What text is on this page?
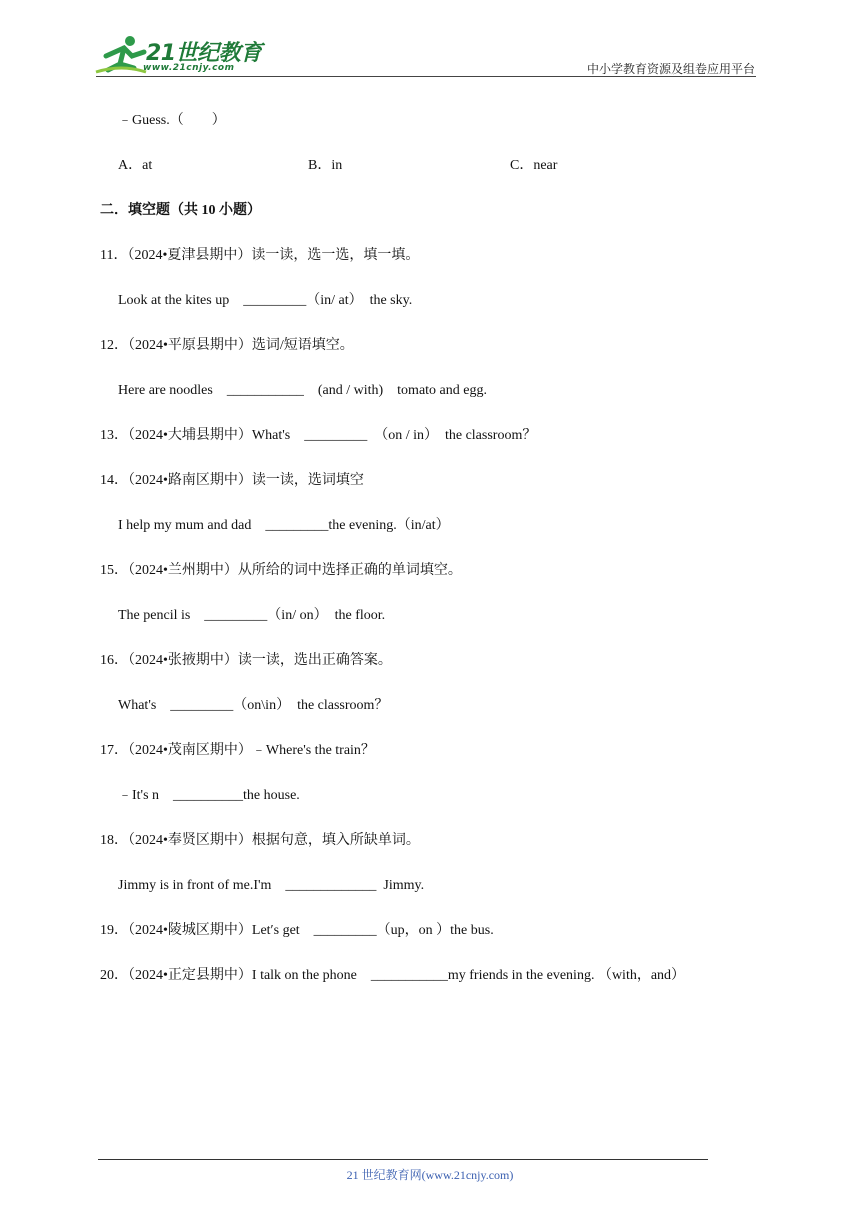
21世纪教育
www.21cnjy.com	中小学教育资源及组卷应用平台
﹣Guess.（　　）
A．at	B．in	C．near
二．填空题（共 10 小题）
11．（2024•夏津县期中）读一读，选一选，填一填。
Look at the kites up　_________（in/ at）  the sky.
12．（2024•平原县期中）选词/短语填空。
Here are noodles　___________　(and / with)　tomato and egg.
13．（2024•大埔县期中）What's　_________　（on / in）　the classroom？
14．（2024•路南区期中）读一读，选词填空
I help my mum and dad　_________the evening.（in/at）
15．（2024•兰州期中）从所给的词中选择正确的单词填空。
The pencil is　_________（in/ on）  the floor.
16．（2024•张掖期中）读一读，选出正确答案。
What's　_________（on\in）  the classroom？
17．（2024•茂南区期中）﹣Where's the train？
﹣It's n　__________the house.
18．（2024•奉贤区期中）根据句意，填入所缺单词。
Jimmy is in front of me.I'm　_____________  Jimmy.
19．（2024•陵城区期中）Let′s get　_________（up，on ）the bus.
20．（2024•正定县期中）I talk on the phone　___________my friends in the evening. （with，and）
21 世纪教育网(www.21cnjy.com)
